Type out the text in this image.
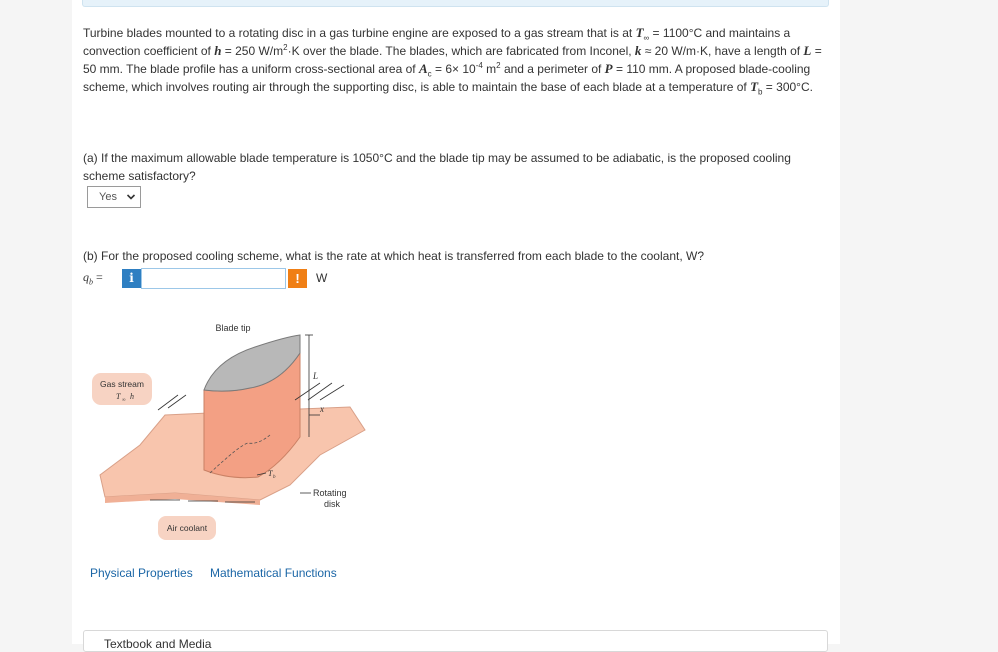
Turbine blades mounted to a rotating disc in a gas turbine engine are exposed to a gas stream that is at $T_\infty = 1100^\circ C$ and maintains a convection coefficient of h = 250 $W/m^2\cdot K$ over the blade. The blades, which are fabricated from Inconel, k ≈ 20 W/m·K, have a length of L = 50 mm. The blade profile has a uniform cross-sectional area of $A_c = 6\times 10^{-4}$ $m^2$ and a perimeter of P = 110 mm. A proposed blade-cooling scheme, which involves routing air through the supporting disc, is able to maintain the base of each blade at a temperature of $T_b = 300^\circ C$.
(a) If the maximum allowable blade temperature is 1050°C and the blade tip may be assumed to be adiabatic, is the proposed cooling scheme satisfactory?
Yes
(b) For the proposed cooling scheme, what is the rate at which heat is transferred from each blade to the coolant, W?
$q_b$ =	i	!	W
Blade tip
Gas stream
T ∞ h
L
x
T b
Rotating
disk
Air coolant
Physical Properties Mathematical Functions
Textbook and Media
